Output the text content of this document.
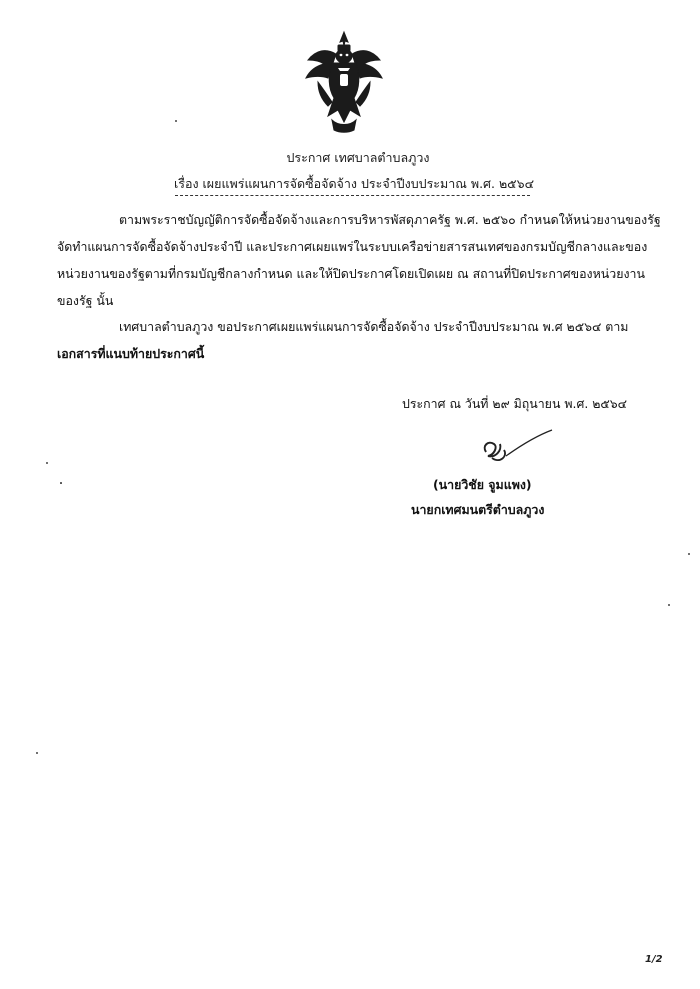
ประกาศ เทศบาลตำบลภูวง
เรื่อง เผยแพร่แผนการจัดซื้อจัดจ้าง ประจำปีงบประมาณ พ.ศ. ๒๕๖๔
ตามพระราชบัญญัติการจัดซื้อจัดจ้างและการบริหารพัสดุภาครัฐ พ.ศ. ๒๕๖๐ กำหนดให้หน่วยงานของรัฐ
จัดทำแผนการจัดซื้อจัดจ้างประจำปี และประกาศเผยแพร่ในระบบเครือข่ายสารสนเทศของกรมบัญชีกลางและของ
หน่วยงานของรัฐตามที่กรมบัญชีกลางกำหนด และให้ปิดประกาศโดยเปิดเผย ณ สถานที่ปิดประกาศของหน่วยงาน
ของรัฐ นั้น
เทศบาลตำบลภูวง ขอประกาศเผยแพร่แผนการจัดซื้อจัดจ้าง ประจำปีงบประมาณ พ.ศ ๒๕๖๔ ตาม
เอกสารที่แนบท้ายประกาศนี้
ประกาศ ณ วันที่ ๒๙ มิถุนายน พ.ศ. ๒๕๖๔
(นายวิชัย จูมแพง)
นายกเทศมนตรีตำบลภูวง
1/2
